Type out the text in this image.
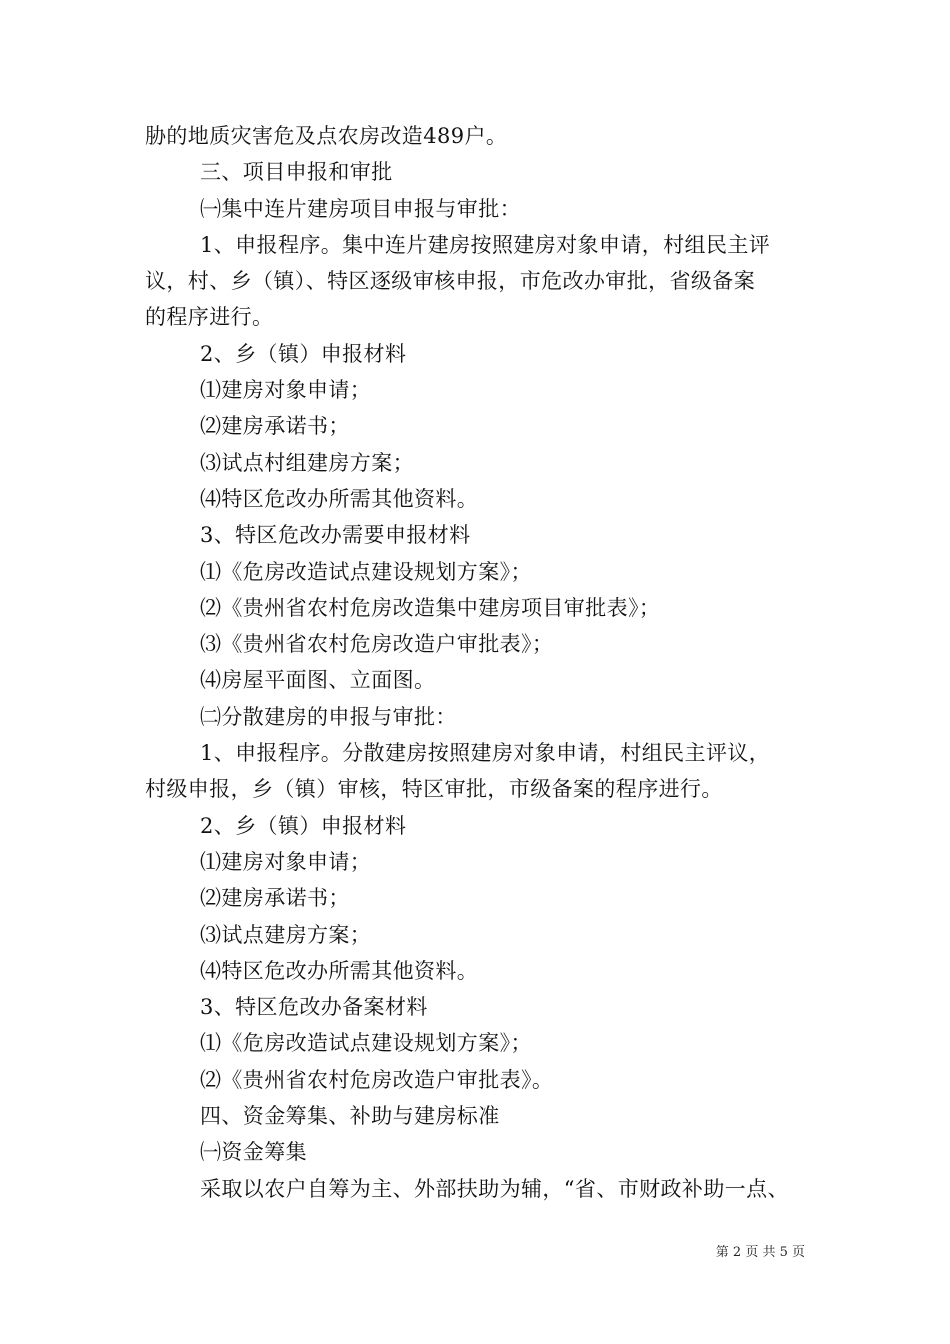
胁的地质灾害危及点农房改造489户。
三、项目申报和审批
㈠集中连片建房项目申报与审批：
1、申报程序。集中连片建房按照建房对象申请，村组民主评
议，村、乡（镇）、特区逐级审核申报，市危改办审批，省级备案
的程序进行。
2、乡（镇）申报材料
⑴建房对象申请；
⑵建房承诺书；
⑶试点村组建房方案；
⑷特区危改办所需其他资料。
3、特区危改办需要申报材料
⑴《危房改造试点建设规划方案》；
⑵《贵州省农村危房改造集中建房项目审批表》；
⑶《贵州省农村危房改造户审批表》；
⑷房屋平面图、立面图。
㈡分散建房的申报与审批：
1、申报程序。分散建房按照建房对象申请，村组民主评议，
村级申报，乡（镇）审核，特区审批，市级备案的程序进行。
2、乡（镇）申报材料
⑴建房对象申请；
⑵建房承诺书；
⑶试点建房方案；
⑷特区危改办所需其他资料。
3、特区危改办备案材料
⑴《危房改造试点建设规划方案》；
⑵《贵州省农村危房改造户审批表》。
四、资金筹集、补助与建房标准
㈠资金筹集
采取以农户自筹为主、外部扶助为辅，“省、市财政补助一点、
第 2 页 共 5 页
